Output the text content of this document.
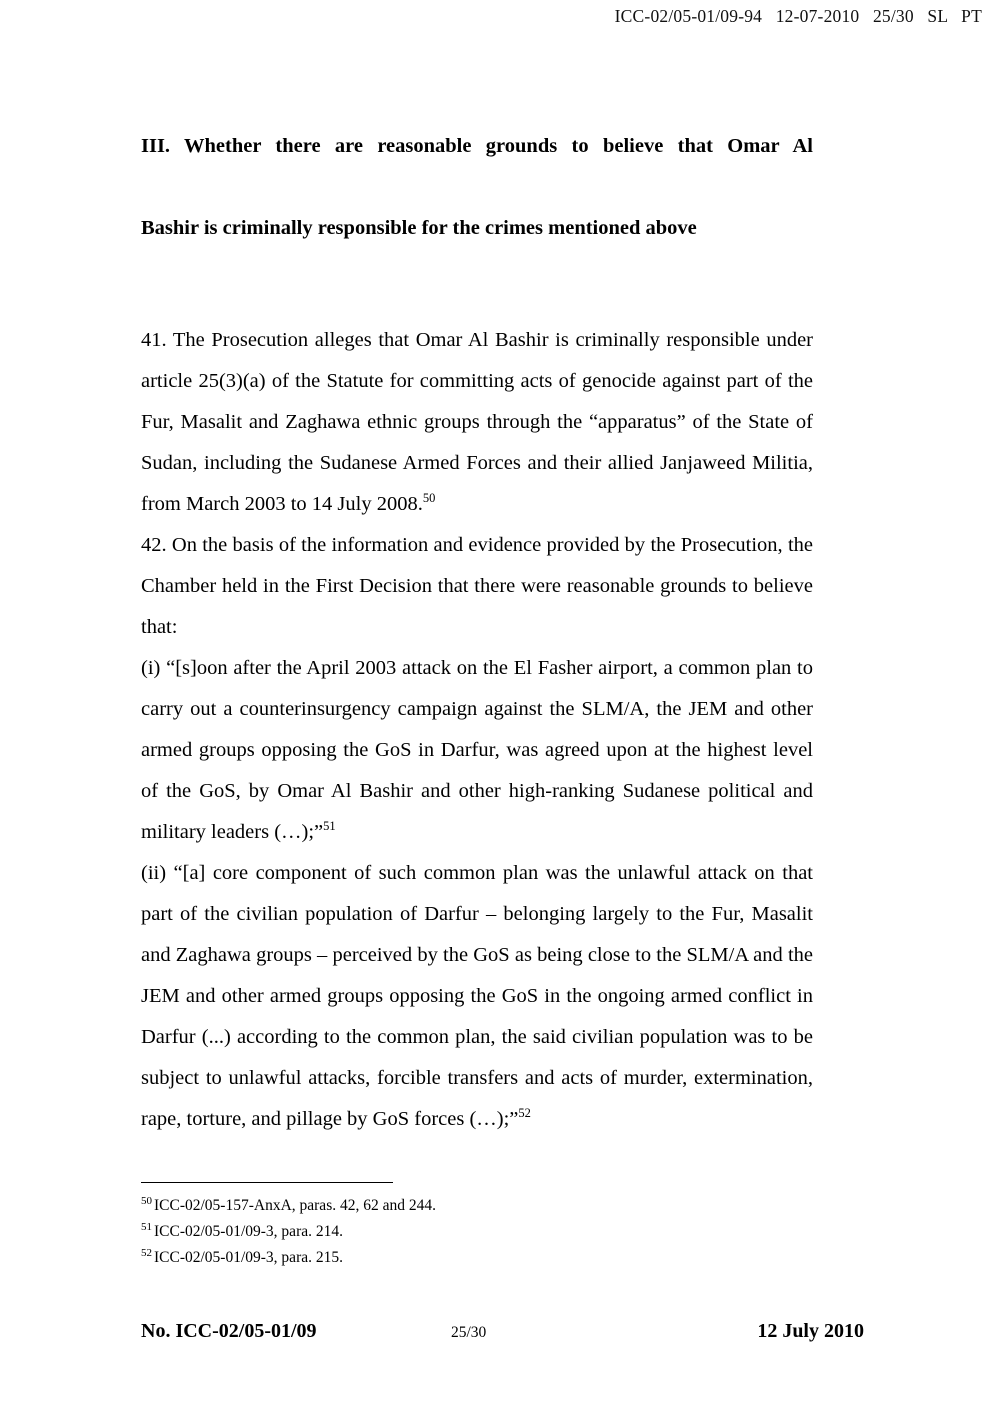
ICC-02/05-01/09-94 12-07-2010 25/30 SL PT
III. Whether there are reasonable grounds to believe that Omar Al
Bashir is criminally responsible for the crimes mentioned above

41. The Prosecution alleges that Omar Al Bashir is criminally responsible under article 25(3)(a) of the Statute for committing acts of genocide against part of the Fur, Masalit and Zaghawa ethnic groups through the “apparatus” of the State of Sudan, including the Sudanese Armed Forces and their allied Janjaweed Militia, from March 2003 to 14 July 2008.50

42. On the basis of the information and evidence provided by the Prosecution, the Chamber held in the First Decision that there were reasonable grounds to believe that:

(i) “[s]oon after the April 2003 attack on the El Fasher airport, a common plan to carry out a counterinsurgency campaign against the SLM/A, the JEM and other armed groups opposing the GoS in Darfur, was agreed upon at the highest level of the GoS, by Omar Al Bashir and other high-ranking Sudanese political and military leaders (…);”$^{51}$

(ii) “[a] core component of such common plan was the unlawful attack on that part of the civilian population of Darfur – belonging largely to the Fur, Masalit and Zaghawa groups – perceived by the GoS as being close to the SLM/A and the JEM and other armed groups opposing the GoS in the ongoing armed conflict in Darfur (...) according to the common plan, the said civilian population was to be subject to unlawful attacks, forcible transfers and acts of murder, extermination, rape, torture, and pillage by GoS forces (…);”$^{52}$

$^{50}$ ICC-02/05-157-AnxA, paras. 42, 62 and 244.

$^{51}$ ICC-02/05-01/09-3, para. 214.

$^{52}$ ICC-02/05-01/09-3, para. 215.

No. ICC-02/05-01/09	25/30	12 July 2010
